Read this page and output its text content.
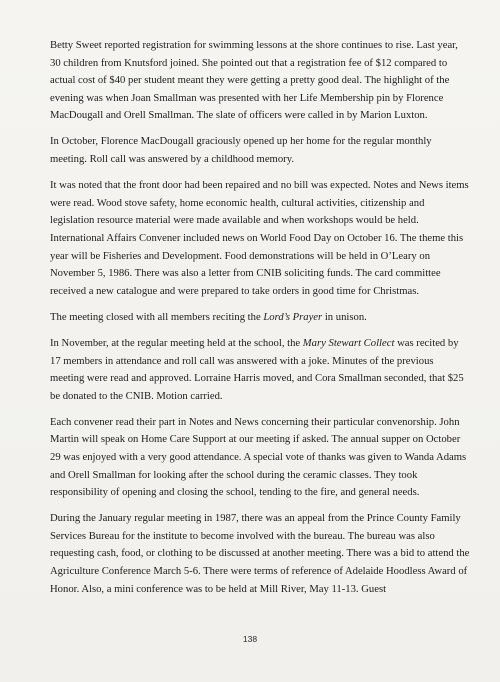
Betty Sweet reported registration for swimming lessons at the shore continues to rise. Last year, 30 children from Knutsford joined. She pointed out that a registration fee of $12 compared to actual cost of $40 per student meant they were getting a pretty good deal. The highlight of the evening was when Joan Smallman was presented with her Life Membership pin by Florence MacDougall and Orell Smallman. The slate of officers were called in by Marion Luxton.

In October, Florence MacDougall graciously opened up her home for the regular monthly meeting. Roll call was answered by a childhood memory.

It was noted that the front door had been repaired and no bill was expected. Notes and News items were read. Wood stove safety, home economic health, cultural activities, citizenship and legislation resource material were made available and when workshops would be held. International Affairs Convener included news on World Food Day on October 16. The theme this year will be Fisheries and Development. Food demonstrations will be held in O’Leary on November 5, 1986. There was also a letter from CNIB soliciting funds. The card committee received a new catalogue and were prepared to take orders in good time for Christmas.

The meeting closed with all members reciting the Lord’s Prayer in unison.

In November, at the regular meeting held at the school, the Mary Stewart Collect was recited by 17 members in attendance and roll call was answered with a joke. Minutes of the previous meeting were read and approved. Lorraine Harris moved, and Cora Smallman seconded, that $25 be donated to the CNIB. Motion carried.

Each convener read their part in Notes and News concerning their particular convenorship. John Martin will speak on Home Care Support at our meeting if asked. The annual supper on October 29 was enjoyed with a very good attendance. A special vote of thanks was given to Wanda Adams and Orell Smallman for looking after the school during the ceramic classes. They took responsibility of opening and closing the school, tending to the fire, and general needs.

During the January regular meeting in 1987, there was an appeal from the Prince County Family Services Bureau for the institute to become involved with the bureau. The bureau was also requesting cash, food, or clothing to be discussed at another meeting. There was a bid to attend the Agriculture Conference March 5-6. There were terms of reference of Adelaide Hoodless Award of Honor. Also, a mini conference was to be held at Mill River, May 11-13. Guest

138
